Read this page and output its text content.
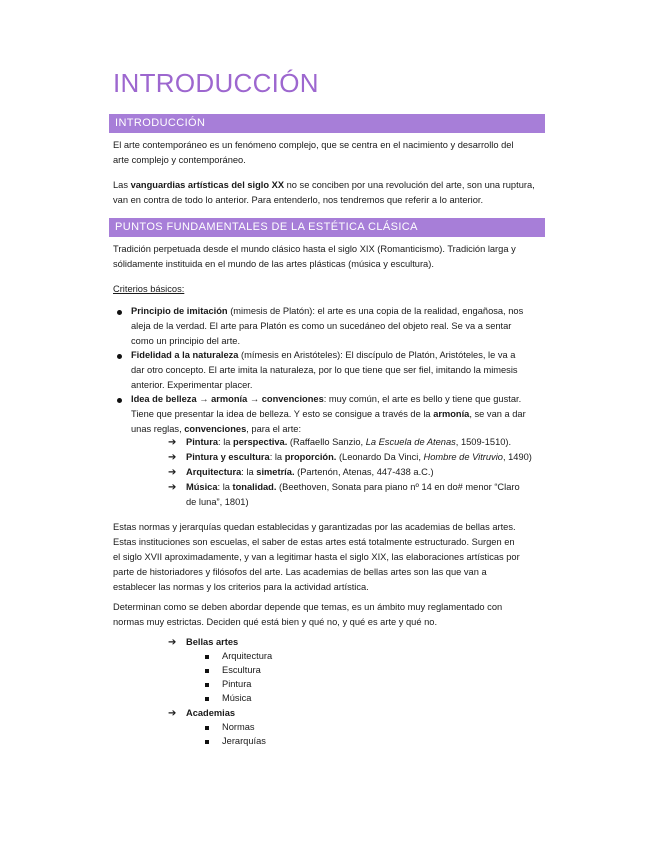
INTRODUCCIÓN
INTRODUCCIÓN

El arte contemporáneo es un fenómeno complejo, que se centra en el nacimiento y desarrollo del

arte complejo y contemporáneo.

Las vanguardias artísticas del siglo XX no se conciben por una revolución del arte, son una ruptura,

van en contra de todo lo anterior. Para entenderlo, nos tendremos que referir a lo anterior.

PUNTOS FUNDAMENTALES DE LA ESTÉTICA CLÁSICA

Tradición perpetuada desde el mundo clásico hasta el siglo XIX (Romanticismo). Tradición larga y

sólidamente instituida en el mundo de las artes plásticas (música y escultura).

Criterios básicos:

Principio de imitación (mimesis de Platón): el arte es una copia de la realidad, engañosa, nos

aleja de la verdad. El arte para Platón es como un sucedáneo del objeto real. Se va a sentar

como un principio del arte.

Fidelidad a la naturaleza (mímesis en Aristóteles): El discípulo de Platón, Aristóteles, le va a

dar otro concepto. El arte imita la naturaleza, por lo que tiene que ser fiel, imitando la mimesis

anterior. Experimentar placer.

Idea de belleza → armonía → convenciones: muy común, el arte es bello y tiene que gustar.

Tiene que presentar la idea de belleza. Y esto se consigue a través de la armonía, se van a dar

unas reglas, convenciones, para el arte:

➔ Pintura: la perspectiva. (Raffaello Sanzio, La Escuela de Atenas, 1509-1510).
➔ Pintura y escultura: la proporción. (Leonardo Da Vinci, Hombre de Vitruvio, 1490)
➔ Arquitectura: la simetría. (Partenón, Atenas, 447-438 a.C.)
➔ Música: la tonalidad. (Beethoven, Sonata para piano nº 14 en do# menor “Claro
de luna”, 1801)

Estas normas y jerarquías quedan establecidas y garantizadas por las academias de bellas artes.

Estas instituciones son escuelas, el saber de estas artes está totalmente estructurado. Surgen en

el siglo XVII aproximadamente, y van a legitimar hasta el siglo XIX, las elaboraciones artísticas por

parte de historiadores y filósofos del arte. Las academias de bellas artes son las que van a

establecer las normas y los criterios para la actividad artística.

Determinan como se deben abordar depende que temas, es un ámbito muy reglamentado con

normas muy estrictas. Deciden qué está bien y qué no, y qué es arte y qué no.

➔ Bellas artes
Arquitectura
Escultura
Pintura
Música
➔ Academias
Normas
Jerarquías
